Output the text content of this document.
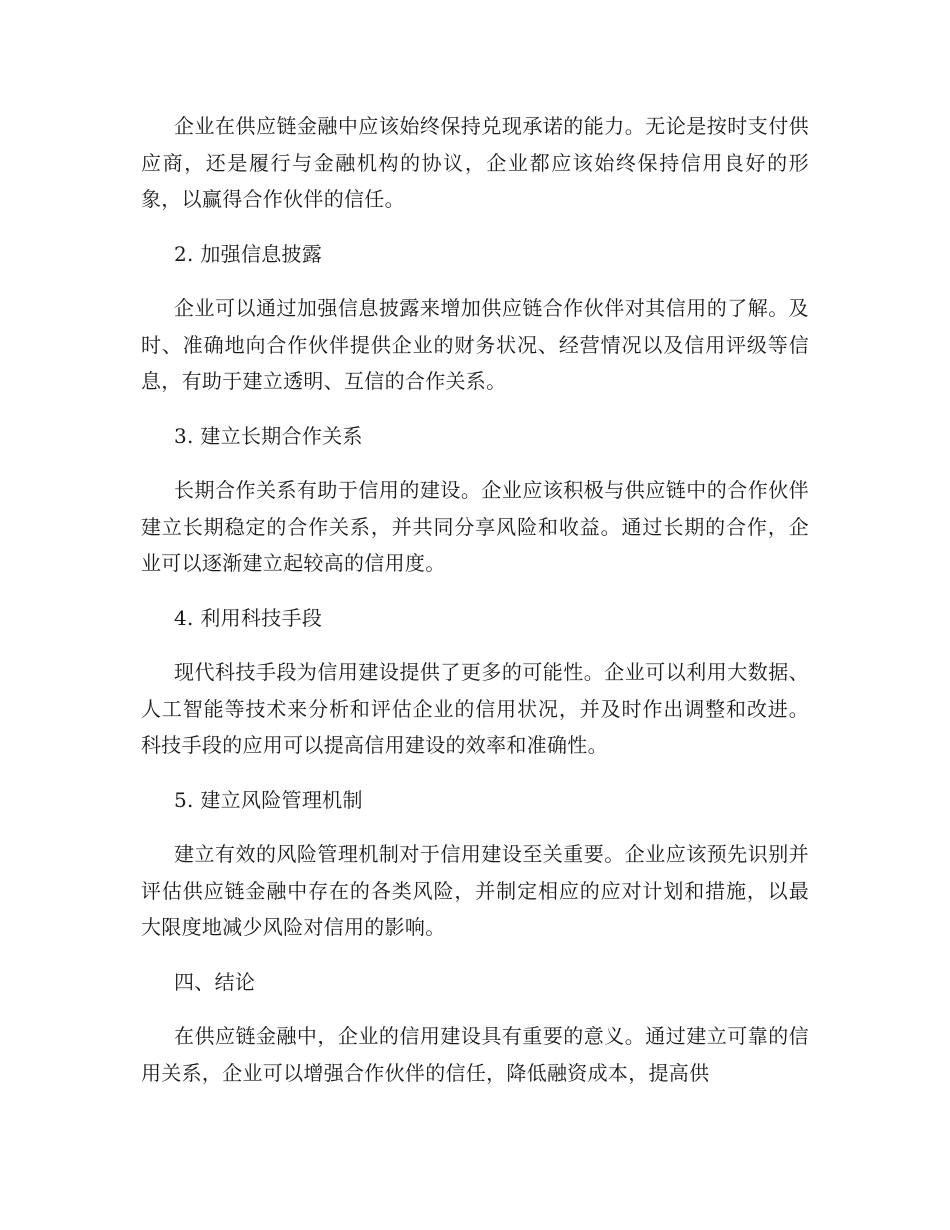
企业在供应链金融中应该始终保持兑现承诺的能力。无论是按时支付供应商，还是履行与金融机构的协议，企业都应该始终保持信用良好的形象，以赢得合作伙伴的信任。

2. 加强信息披露

企业可以通过加强信息披露来增加供应链合作伙伴对其信用的了解。及时、准确地向合作伙伴提供企业的财务状况、经营情况以及信用评级等信息，有助于建立透明、互信的合作关系。

3. 建立长期合作关系

长期合作关系有助于信用的建设。企业应该积极与供应链中的合作伙伴建立长期稳定的合作关系，并共同分享风险和收益。通过长期的合作，企业可以逐渐建立起较高的信用度。

4. 利用科技手段

现代科技手段为信用建设提供了更多的可能性。企业可以利用大数据、人工智能等技术来分析和评估企业的信用状况，并及时作出调整和改进。科技手段的应用可以提高信用建设的效率和准确性。

5. 建立风险管理机制

建立有效的风险管理机制对于信用建设至关重要。企业应该预先识别并评估供应链金融中存在的各类风险，并制定相应的应对计划和措施，以最大限度地减少风险对信用的影响。

四、结论

在供应链金融中，企业的信用建设具有重要的意义。通过建立可靠的信用关系，企业可以增强合作伙伴的信任，降低融资成本，提高供
